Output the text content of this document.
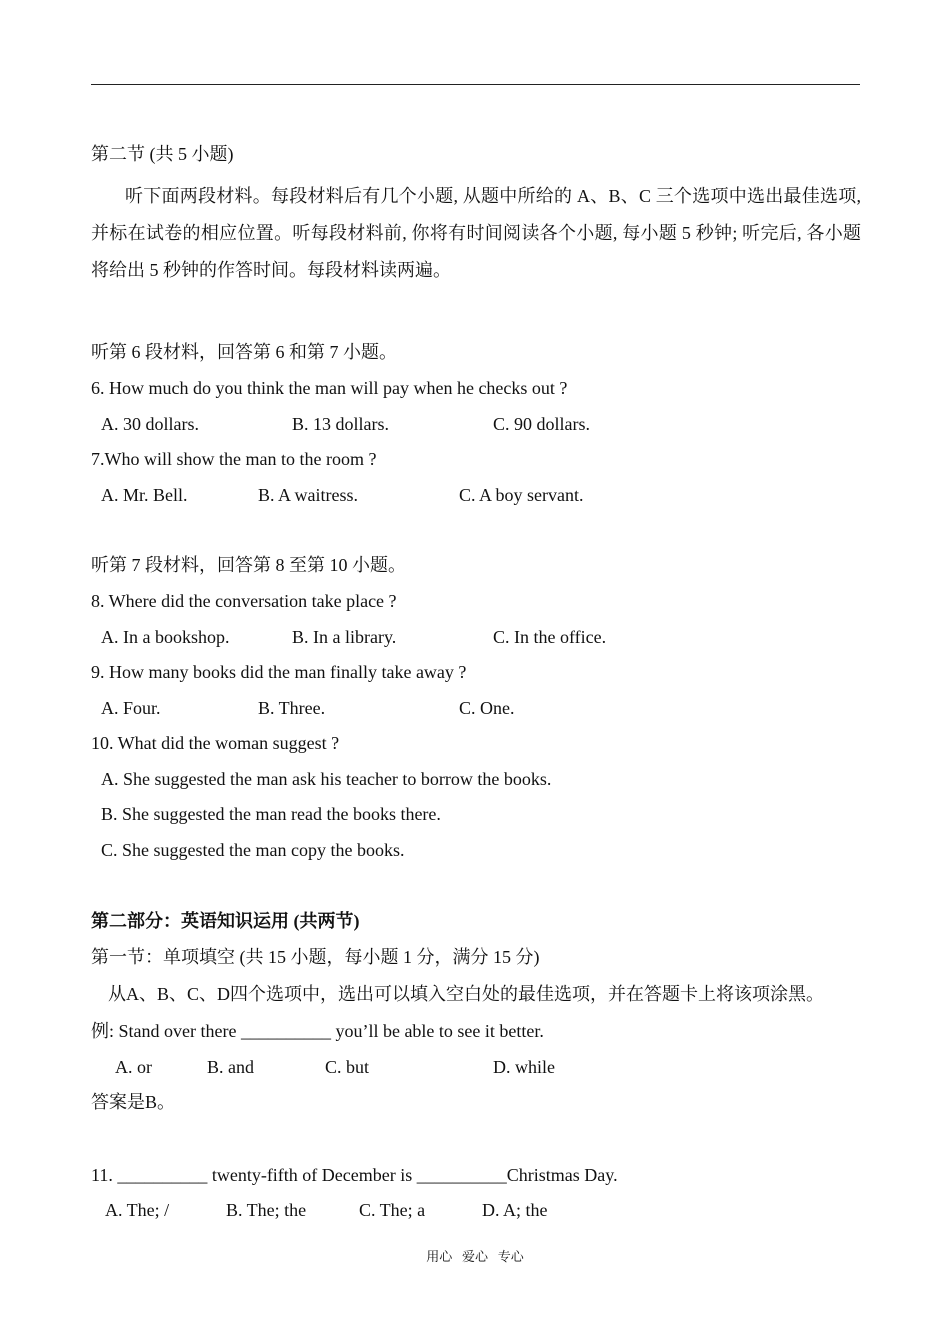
第二节 (共 5 小题)
听下面两段材料。每段材料后有几个小题, 从题中所给的 A、B、C 三个选项中选出最佳选项, 并标在试卷的相应位置。听每段材料前, 你将有时间阅读各个小题, 每小题 5 秒钟; 听完后, 各小题将给出 5 秒钟的作答时间。每段材料读两遍。
听第 6 段材料，回答第 6 和第 7 小题。
6. How much do you think the man will pay when he checks out ?
A. 30 dollars.	B. 13 dollars.	C. 90 dollars.
7.Who will show the man to the room ?
A. Mr. Bell.	B. A waitress.	C. A boy servant.
听第 7 段材料，回答第 8 至第 10 小题。
8. Where did the conversation take place ?
A. In a bookshop.	B. In a library.	C. In the office.
9. How many books did the man finally take away ?
A. Four.	B. Three.	C. One.
10. What did the woman suggest ?
A. She suggested the man ask his teacher to borrow the books.
B. She suggested the man read the books there.
C. She suggested the man copy the books.
第二部分：英语知识运用 (共两节)
第一节：单项填空 (共 15 小题，每小题 1 分，满分 15 分)
从A、B、C、D四个选项中，选出可以填入空白处的最佳选项，并在答题卡上将该项涂黑。
例: Stand over there __________ you’ll be able to see it better.
A. or	B. and	C. but	D. while
答案是B。
11. __________ twenty-fifth of December is __________Christmas Day.
A. The; /	B. The; the	C. The; a	D. A; the
用心   爱心   专心
